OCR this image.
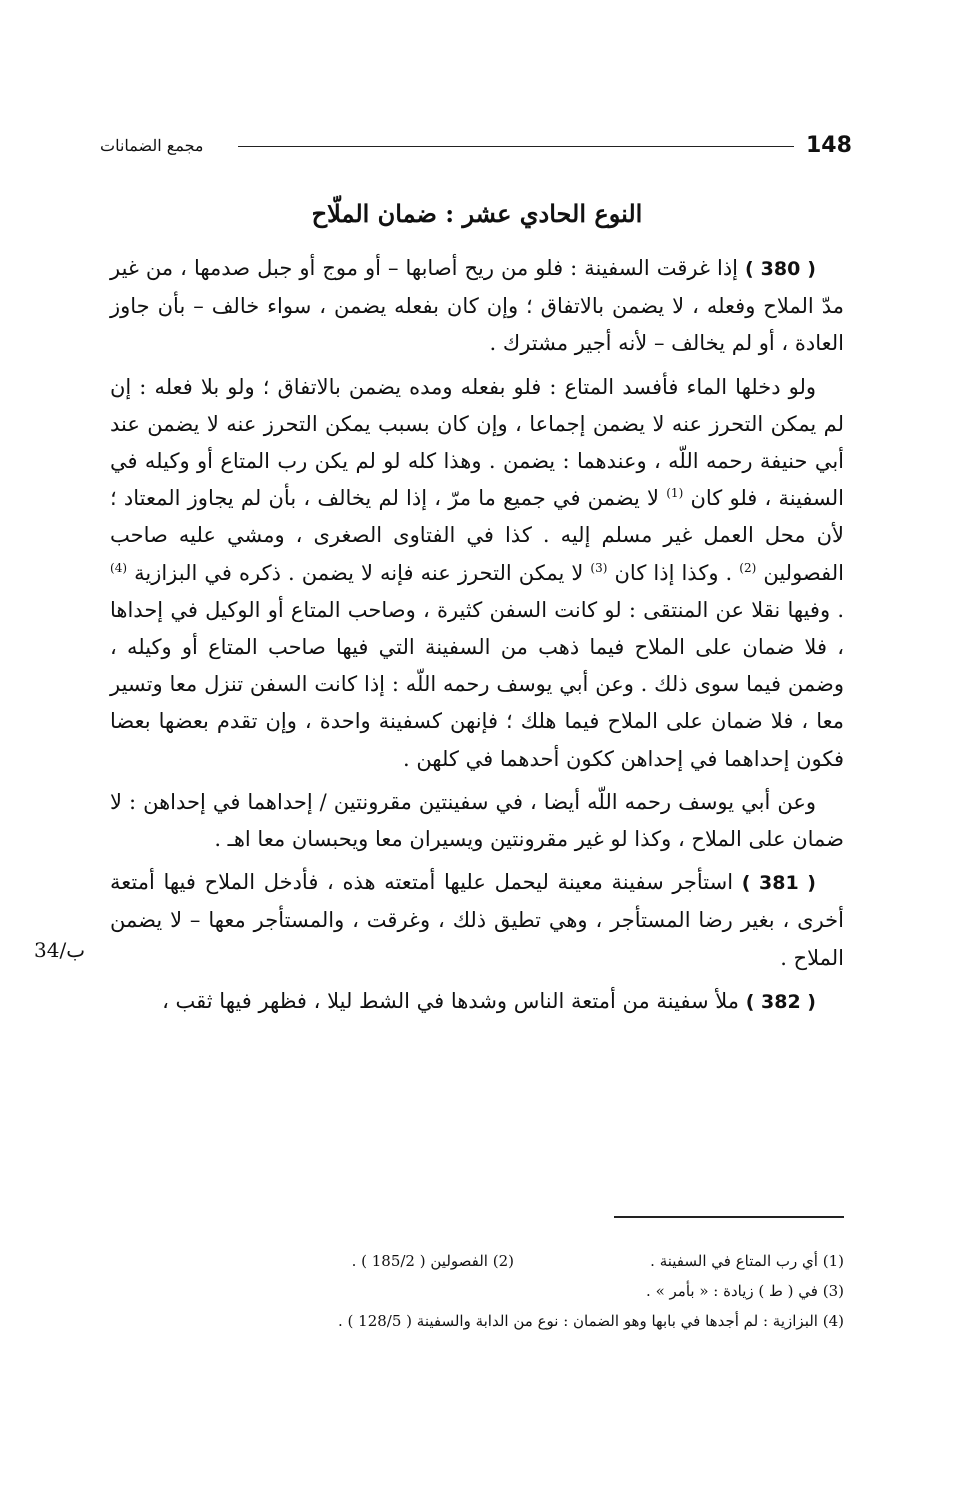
148
مجمع الضمانات
النوع الحادي عشر : ضمان الملّاح

( 380 ) إذا غرقت السفينة : فلو من ريح أصابها – أو موج أو جبل صدمها ، من غير مدّ الملاح وفعله ، لا يضمن بالاتفاق ؛ وإن كان بفعله يضمن ، سواء خالف – بأن جاوز العادة ، أو لم يخالف – لأنه أجير مشترك .

ولو دخلها الماء فأفسد المتاع : فلو بفعله ومده يضمن بالاتفاق ؛ ولو بلا فعله : إن لم يمكن التحرز عنه لا يضمن إجماعا ، وإن كان بسبب يمكن التحرز عنه لا يضمن عند أبي حنيفة رحمه اللّه ، وعندهما : يضمن . وهذا كله لو لم يكن رب المتاع أو وكيله في السفينة ، فلو كان $^{(1)}$ لا يضمن في جميع ما مرّ ، إذا لم يخالف ، بأن لم يجاوز المعتاد ؛ لأن محل العمل غير مسلم إليه . كذا في الفتاوى الصغرى ، ومشي عليه صاحب الفصولين $^{(2)}$ . وكذا إذا كان $^{(3)}$ لا يمكن التحرز عنه فإنه لا يضمن . ذكره في البزازية $^{(4)}$ . وفيها نقلا عن المنتقى : لو كانت السفن كثيرة ، وصاحب المتاع أو الوكيل في إحداها ، فلا ضمان على الملاح فيما ذهب من السفينة التي فيها صاحب المتاع أو وكيله ، وضمن فيما سوى ذلك . وعن أبي يوسف رحمه اللّه : إذا كانت السفن تنزل معا وتسير معا ، فلا ضمان على الملاح فيما هلك ؛ فإنهن كسفينة واحدة ، وإن تقدم بعضها بعضا فكون إحداهما في إحداهن ككون أحدهما في كلهن .

وعن أبي يوسف رحمه اللّه أيضا ، في سفينتين مقرونتين / إحداهما في إحداهن : لا ضمان على الملاح ، وكذا لو غير مقرونتين ويسيران معا ويحبسان معا اهـ .

( 381 ) استأجر سفينة معينة ليحمل عليها أمتعته هذه ، فأدخل الملاح فيها أمتعة أخرى ، بغير رضا المستأجر ، وهي تطيق ذلك ، وغرقت ، والمستأجر معها – لا يضمن الملاح .

( 382 ) ملأ سفينة من أمتعة الناس وشدها في الشط ليلا ، فظهر فيها ثقب ،

34/ب
(1) أي رب المتاع في السفينة .
(2) الفصولين ( 185/2 ) .
(3) في ( ط ) زيادة : « بأمر » .
(4) البزازية : لم أجدها في بابها وهو الضمان : نوع من الدابة والسفينة ( 128/5 ) .
